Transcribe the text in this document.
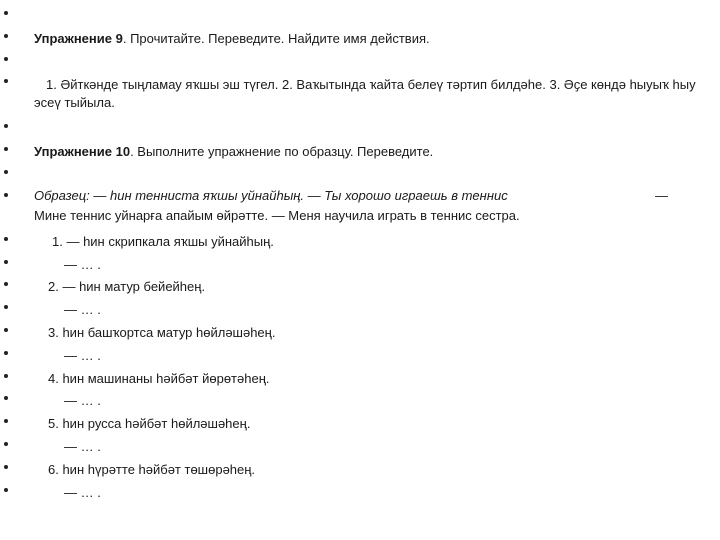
Упражнение 9. Прочитайте. Переведите. Найдите имя действия.
1. Әйткәнде тыңламау яҡшы эш түгел. 2. Ваҡытында ҡайта белеү тәртип билдәһе. 3. Әҫе көндә һыуыҡ һыу эсеү тыйыла.
Упражнение 10. Выполните упражнение по образцу. Переведите.
Образец: — һин тенниста яҡшы уйнайһың. — Ты хорошо играешь в теннис	—
Мине теннис уйнарға апайым өйрәтте. — Меня научила играть в теннис сестра.
1. — һин скрипкала яҡшы уйнайһың.
— … .
2. — һин матур бейейһең.
— … .
3. һин башҡортса матур һөйләшәһең.
— … .
4. һин машинаны һәйбәт йөрөтәһең.
— … .
5. һин русса һәйбәт һөйләшәһең.
— … .
6. һин һүрәтте һәйбәт төшөрәһең.
— … .
